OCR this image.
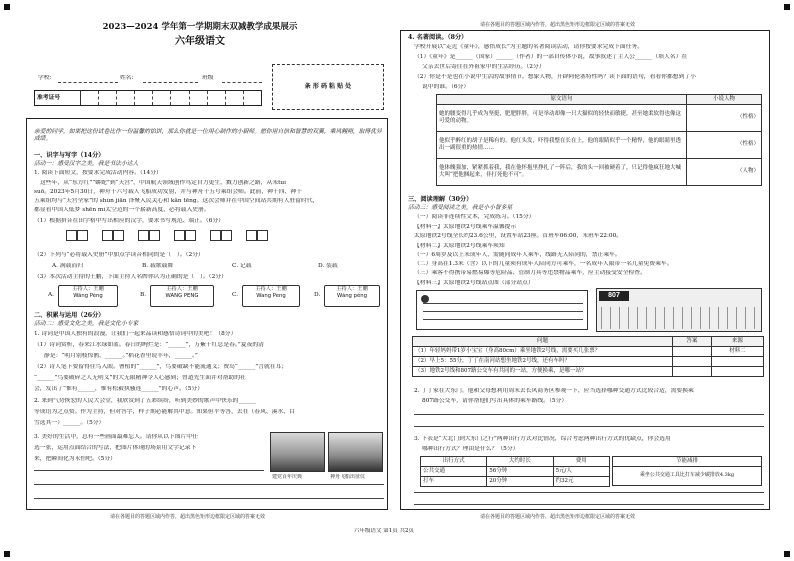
2023—2024 学年第一学期期末双减教学成果展示
六年级语文
学校:	姓名:	班级
准考证号
条 形 码 粘 贴 处
亲爱的同学，如果把这份试卷比作一份温馨的馅饼，那么你就是一位用心制作的小厨师。愿你用自信和智慧的双翼，乘风翱翔，取得优异成绩。
一、识字与写字（14分）
活动一：感受汉字之美，我是书法小达人
1. 阅读下面短文，按要求完成活动内容。（14分）
这些年，从“东方红”“蟒蛇”到“天宫”，中国航天领域创作笃定自力更生，戮力创新之路，从未tuì
suō。2023年5月30日，神舟十六号载人飞船成功发射，并与神舟十五号乘组会师。此前，神十四、神十
五乘组均与“天宫全家”的 shùn jiān 泽聚入民关心和 kān tēng。这次会师并在中国空间站共期有人驻留时代，
都显看中国人低梦 shēn mì太空迈的一个崭新高度，必将载入史册。
（1）根据拼音在田字格中写出相应的汉字，要求书写规范、端正。（6分）
（2）下列与“必将载入史册”中加点字读音相同的是（　）。（2分）
A. 满载而归	B. 载歌载舞	C. 记载	D. 装载
（3）本次活动主持的王鹏，下面主持人名牌你认为正确的是（　）。（2分）
A.
主持人：王鹏
Wáng Péng	B.
主持人：王鹏
WANG PENG	C.
主持人：王鹏
Wang Peng	D.
主持人：王鹏
Wáng péng
二、积累与运用（26分）
活动二：感受文化之美，我是文化小专家
1. 诗词是中国人独有的浪漫，让我们一起来品读和感悟诗词中的美吧！（8分）
（1）诗词赏析，春来江水绿如蓝。春日的绚烂是：“______”，万紫千红总是春。”夏夜的清
静是：“明月别枝惊鹊，______。”稻花香里说丰年，______。”
（2）诗人笔下要留得住鸟入眼。曹植的“______”，鸟要破缺不能流通义；贾岛“______”言就在耳；
“______”鸟要破碎之人无明义”的大无限精神令人心感到；曾道先生面并对帮助的社
会，发出了“惟有______，惟有松毅执骚连______”的心声。（5分）
2. 来到气势恢宏的人民大会堂，我欣赏到了五彩缤纷，听到美妙的歌声中快乐的______
等成语为之点赞。作为主持，但对答字，样子期必能解其中意。知果但平等答，去在（春风、溪水、白
雪选其一）______。（5分）
3. 美好的生活中，总有一些画面最难忘人。请你从以下图片中任
选一张，运用点面结合的写法，把图片体现的场景用文字记录下
来，把瞬间化为永恒吧。（5分）
建党百年庆典	神舟飞船出征仪
请在各题目的答题区域内作答，超出黑色矩形边框限定区域的答案无效
请在各题目的答题区域内作答，超出黑色矩形边框限定区域的答案无效
4. 名著阅读。（8分）
学校开展以“走近《童年》，感悟成长”为主题的名著阅读活动，请你按要求完成下面任务。
（1）《童年》是______（国家）______（作者）的一部自传体小说，故事叙述了主人公______（填人名）在
父亲去世后寄住在外祖家中的生活经历。（2分）
（2）你是不是也在小说中生活的故事情节，想象人物，开辟阿伦塞特性吗？读下面的语句，看看你都想到了小
说中的谁。（6分）
原文语句	小说人物
她的腰变得几乎成为坚挺，肥肥胖胖，可是举动却像一只大猫似的轻快而敏捷，甚至她柔软得也像这可爱的动物。	（性格）
他似乎醉红的胡子是稀有的。他红头发，吓得我整在长在上，他的眼睛似乎一个精悍，他的眼睛里透出一副很重的热情……	（性格）
他体魄强加，紧紧抓着我，我在他怀抱里挣扎了一阵后，我的头一回被硬着了，只记得他疯狂地大喊大叫“把他捆起来，非打死他不可”。	（人物）
三、阅读理解（30分）
活动三：感受阅读之美，我是小小智多星
（一）阅读非连续性文本，完成练习。（15分）
【材料一】太原地铁2号线乘车温馨提示
太原地铁2号线全长约23.6公里，设置车站23座。首班车06:00，末班车22:00。
【材料二】太原地铁2号线乘车须知
（一）6周岁及以上未成年人，需随同成年人乘车，线路无人陪同的，禁止乘车。
（二）身高在1.3米（含）以下的儿童须有成年人陪同方可乘车，一名成年人限带一名儿童免费乘车。
（三）乘客不得携带易燃易爆等危险品、管制刀具等违禁物品乘车，应主动接受安全检查。
【材料三】太原地铁2号线站点图（部分站点）
807
问题	答案	来源
（1）年轻妈妈带1岁小宝宝（身高80cm）乘坐地铁2号线，需要买几张票？		材料二
（2）早上5：55分，丁丁在南河站想坐地铁2号线，还有车吗？		
（3）地铁2号线和807路公交车有共同的一站，方便换乘，是哪一站？		
2. 丁丁家在大东门，他和父母想利用周末去长风商务区参观一下，应当选择哪种交通方式比较合适，需要换乘
807路公交车，请你帮他们写出具体的乘车路线。（5分）
3. 下表是“大北门到大东门之行”两种出行方式对比情况，综合考虑两种出行方式的优缺点，你会选用
哪种出行方式？理由是什么？（5分）
出行方式	大约时长	费用
公共交通	56分钟	5元/人
打车	20分钟	约32元
节能减排
乘坐公共交通工具比打车减少碳排放4.3kg
请在各题目的答题区域内作答，超出黑色矩形边框限定区域的答案无效
六年级语文 第1页 共2页
